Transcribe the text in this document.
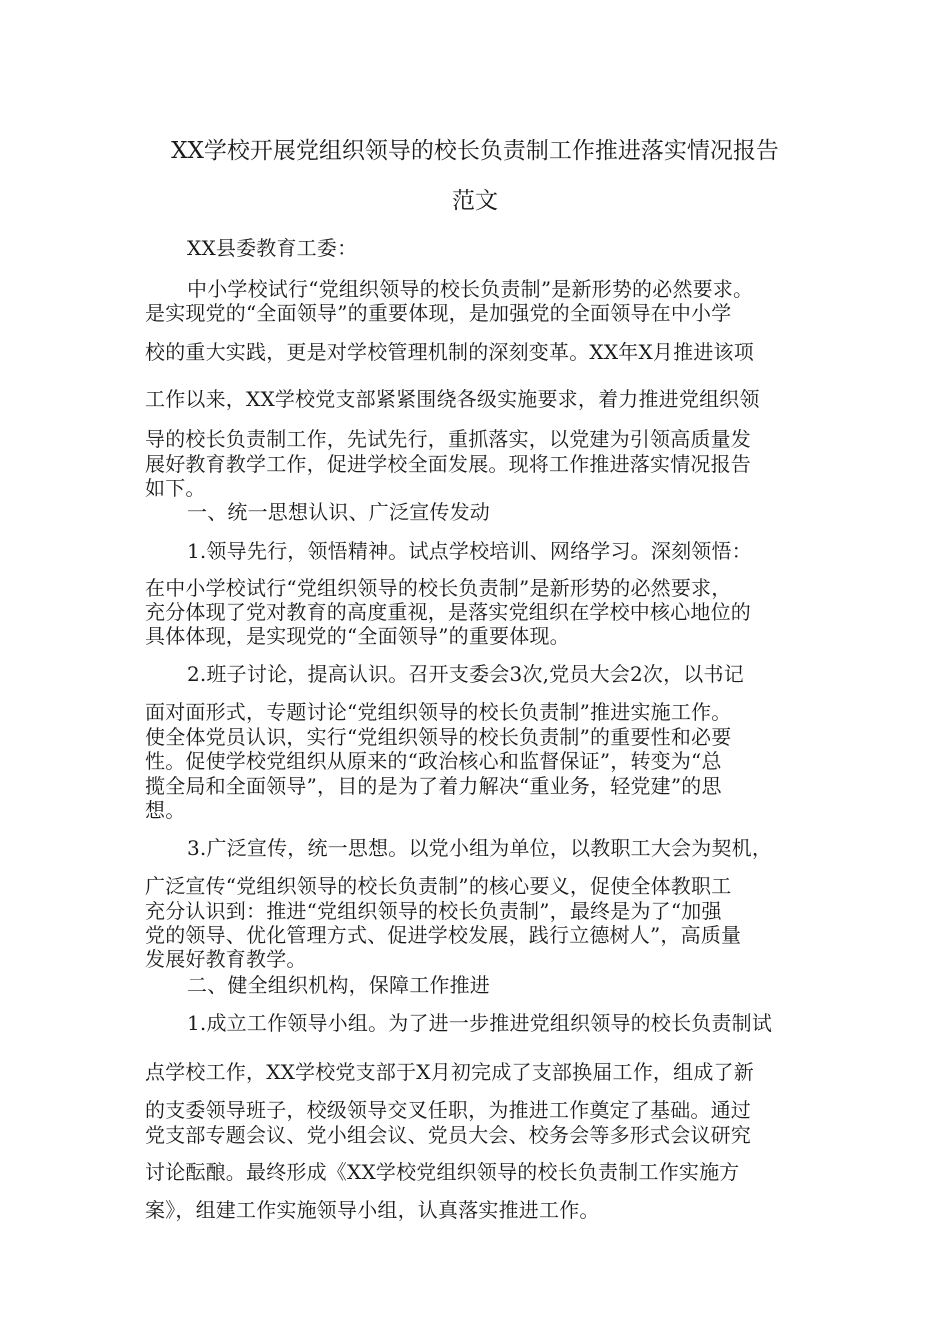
XX学校开展党组织领导的校长负责制工作推进落实情况报告
范文
XX县委教育工委：
中小学校试行“党组织领导的校长负责制”是新形势的必然要求。
是实现党的“全面领导”的重要体现，是加强党的全面领导在中小学
校的重大实践，更是对学校管理机制的深刻变革。XX年X月推进该项
工作以来，XX学校党支部紧紧围绕各级实施要求，着力推进党组织领
导的校长负责制工作，先试先行，重抓落实，以党建为引领高质量发
展好教育教学工作，促进学校全面发展。现将工作推进落实情况报告
如下。
一、统一思想认识、广泛宣传发动
1.领导先行，领悟精神。试点学校培训、网络学习。深刻领悟：
在中小学校试行“党组织领导的校长负责制”是新形势的必然要求，
充分体现了党对教育的高度重视，是落实党组织在学校中核心地位的
具体体现，是实现党的“全面领导”的重要体现。
2.班子讨论，提高认识。召开支委会3次,党员大会2次，以书记
面对面形式，专题讨论“党组织领导的校长负责制”推进实施工作。
使全体党员认识，实行“党组织领导的校长负责制”的重要性和必要
性。促使学校党组织从原来的“政治核心和监督保证”，转变为“总
揽全局和全面领导”，目的是为了着力解决“重业务，轻党建”的思
想。
3.广泛宣传，统一思想。以党小组为单位，以教职工大会为契机，
广泛宣传“党组织领导的校长负责制”的核心要义，促使全体教职工
充分认识到：推进“党组织领导的校长负责制”，最终是为了“加强
党的领导、优化管理方式、促进学校发展，践行立德树人”，高质量
发展好教育教学。
二、健全组织机构，保障工作推进
1.成立工作领导小组。为了进一步推进党组织领导的校长负责制试
点学校工作，XX学校党支部于X月初完成了支部换届工作，组成了新
的支委领导班子，校级领导交叉任职，为推进工作奠定了基础。通过
党支部专题会议、党小组会议、党员大会、校务会等多形式会议研究
讨论酝酿。最终形成《XX学校党组织领导的校长负责制工作实施方
案》，组建工作实施领导小组，认真落实推进工作。
